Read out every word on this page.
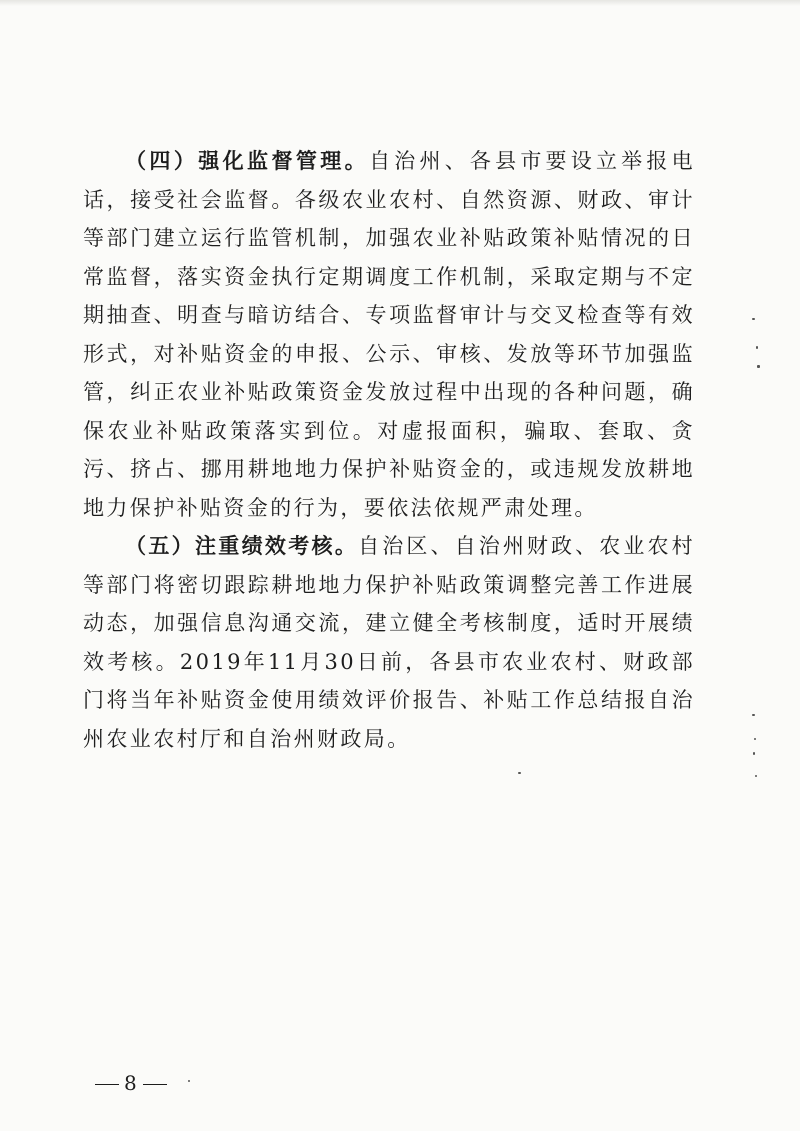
（四）强化监督管理。自治州、各县市要设立举报电话，接受社会监督。各级农业农村、自然资源、财政、审计等部门建立运行监管机制，加强农业补贴政策补贴情况的日常监督，落实资金执行定期调度工作机制，采取定期与不定期抽查、明查与暗访结合、专项监督审计与交叉检查等有效形式，对补贴资金的申报、公示、审核、发放等环节加强监管，纠正农业补贴政策资金发放过程中出现的各种问题，确保农业补贴政策落实到位。对虚报面积，骗取、套取、贪污、挤占、挪用耕地地力保护补贴资金的，或违规发放耕地地力保护补贴资金的行为，要依法依规严肃处理。

（五）注重绩效考核。自治区、自治州财政、农业农村等部门将密切跟踪耕地地力保护补贴政策调整完善工作进展动态，加强信息沟通交流，建立健全考核制度，适时开展绩效考核。2019年11月30日前，各县市农业农村、财政部门将当年补贴资金使用绩效评价报告、补贴工作总结报自治州农业农村厅和自治州财政局。

8
